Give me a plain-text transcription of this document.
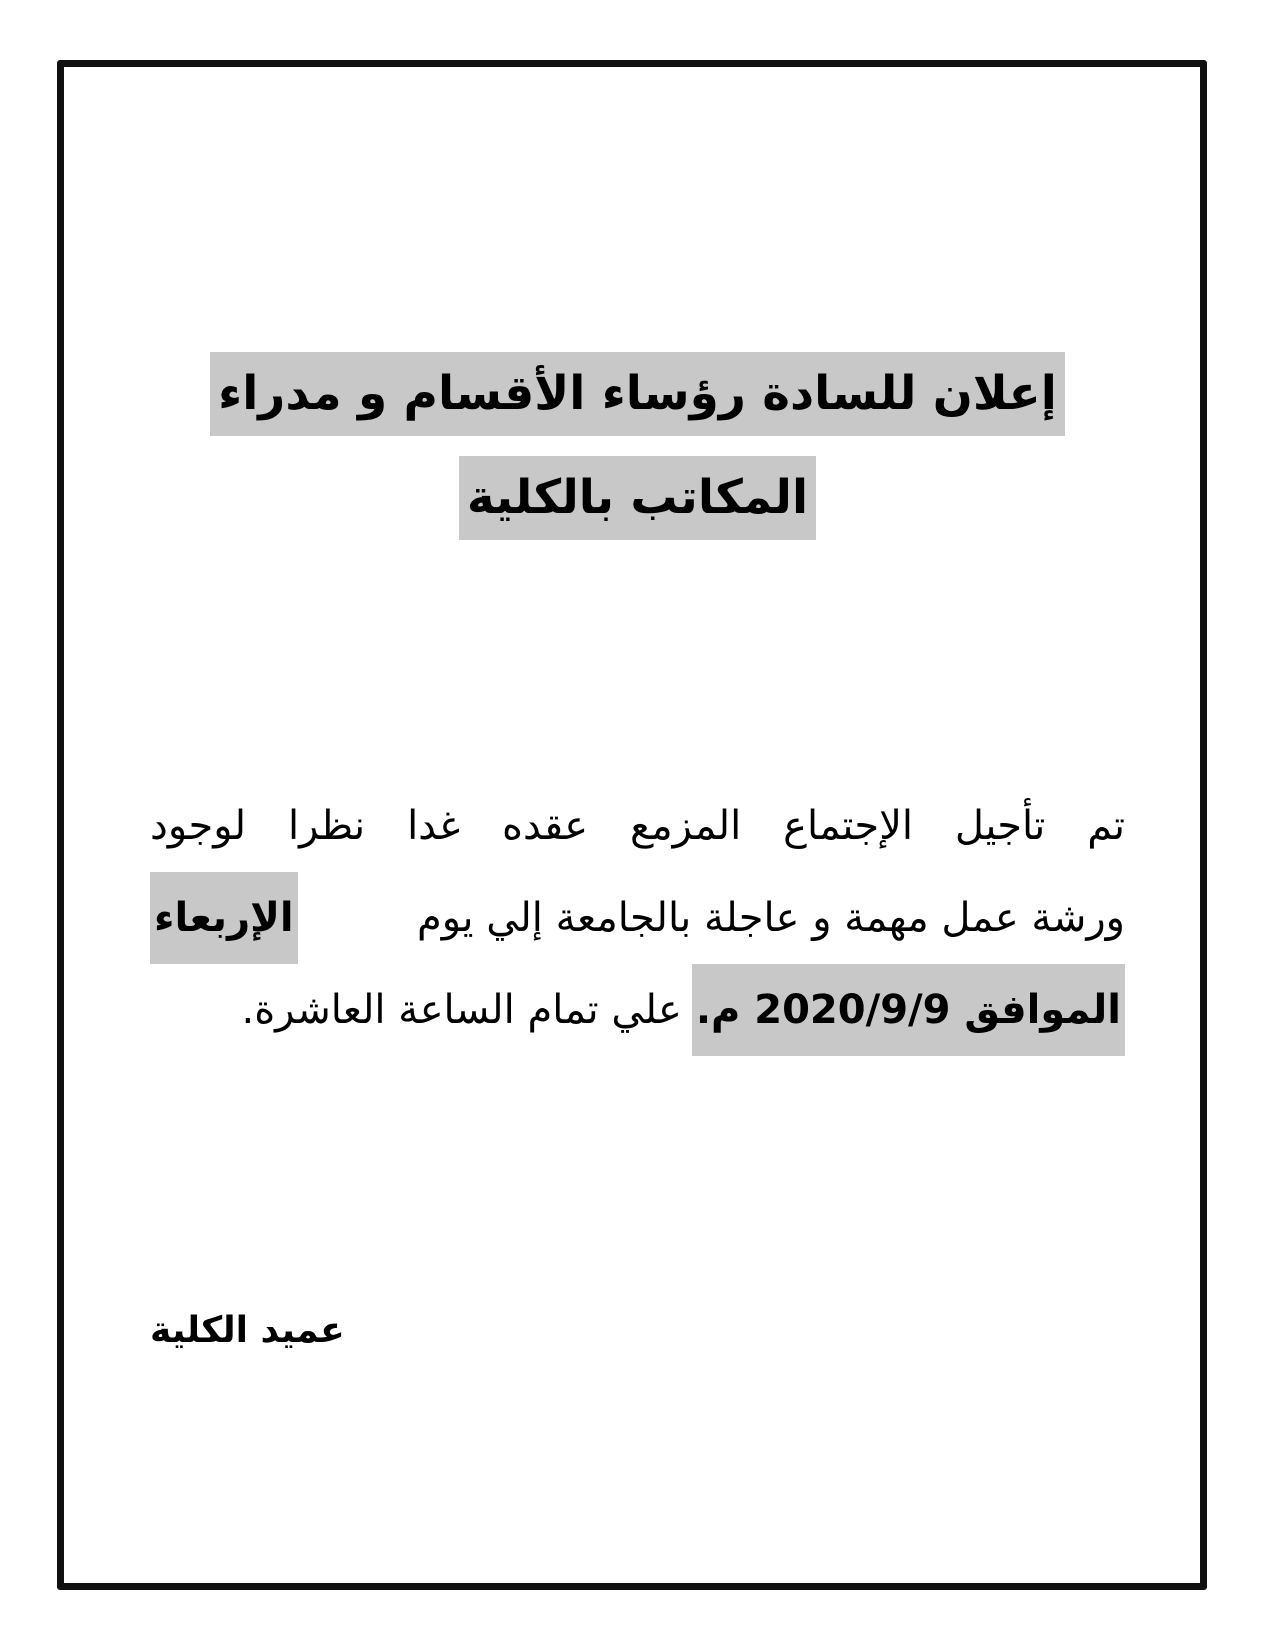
إعلان للسادة رؤساء الأقسام و مدراء
المكاتب بالكلية
تم
تأجيل
الإجتماع
المزمع
عقده
غدا
نظرا
لوجود
ورشة عمل مهمة و عاجلة بالجامعة إلي يوم
الإربعاء
الموافق 2020/9/9 م.
علي تمام الساعة العاشرة.
عميد الكلية
